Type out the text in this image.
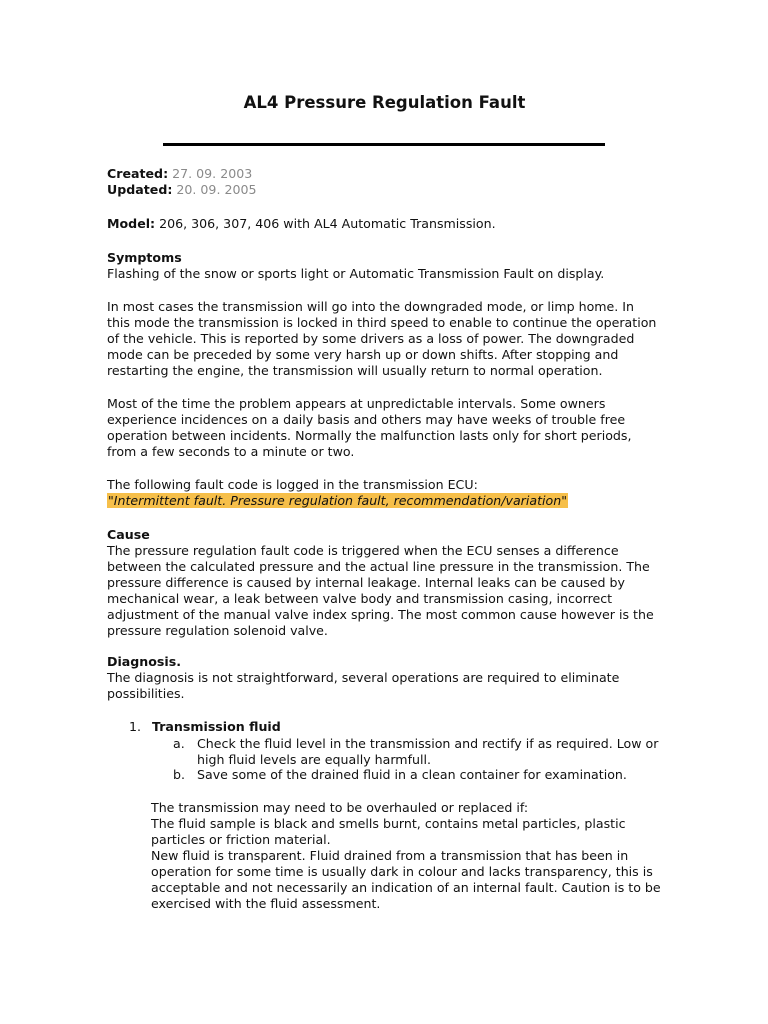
AL4 Pressure Regulation Fault

Created: 27. 09. 2003

Updated: 20. 09. 2005

Model: 206, 306, 307, 406 with AL4 Automatic Transmission.

Symptoms

Flashing of the snow or sports light or Automatic Transmission Fault on display.

In most cases the transmission will go into the downgraded mode, or limp home. In

this mode the transmission is locked in third speed to enable to continue the operation

of the vehicle. This is reported by some drivers as a loss of power. The downgraded

mode can be preceded by some very harsh up or down shifts. After stopping and

restarting the engine, the transmission will usually return to normal operation.

Most of the time the problem appears at unpredictable intervals. Some owners

experience incidences on a daily basis and others may have weeks of trouble free

operation between incidents. Normally the malfunction lasts only for short periods,

from a few seconds to a minute or two.

The following fault code is logged in the transmission ECU:

"Intermittent fault. Pressure regulation fault, recommendation/variation"

Cause

The pressure regulation fault code is triggered when the ECU senses a difference

between the calculated pressure and the actual line pressure in the transmission. The

pressure difference is caused by internal leakage. Internal leaks can be caused by

mechanical wear, a leak between valve body and transmission casing, incorrect

adjustment of the manual valve index spring. The most common cause however is the

pressure regulation solenoid valve.

Diagnosis.

The diagnosis is not straightforward, several operations are required to eliminate

possibilities.

1. Transmission fluid
a. Check the fluid level in the transmission and rectify if as required. Low or

high fluid levels are equally harmfull.

b. Save some of the drained fluid in a clean container for examination.

The transmission may need to be overhauled or replaced if:

The fluid sample is black and smells burnt, contains metal particles, plastic

particles or friction material.

New fluid is transparent. Fluid drained from a transmission that has been in

operation for some time is usually dark in colour and lacks transparency, this is

acceptable and not necessarily an indication of an internal fault. Caution is to be

exercised with the fluid assessment.
